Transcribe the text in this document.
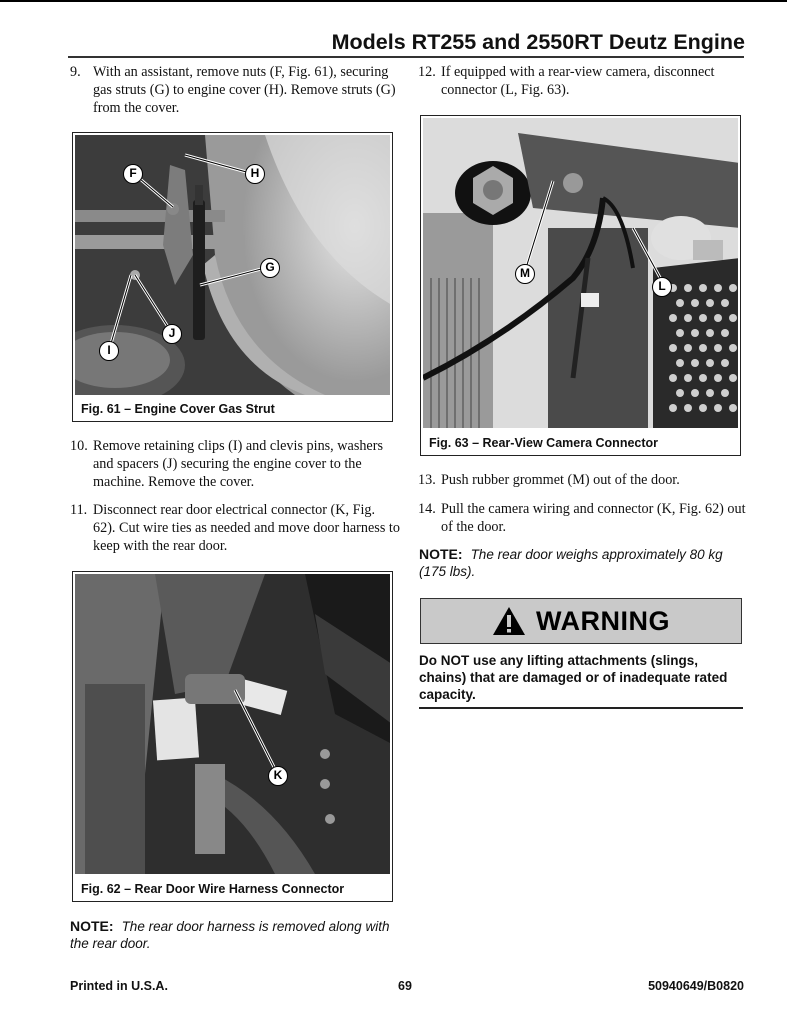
Models RT255 and 2550RT Deutz Engine
9. With an assistant, remove nuts (F, Fig. 61), securing gas struts (G) to engine cover (H). Remove struts (G) from the cover.
F	H
G
J
I
Fig. 61 – Engine Cover Gas Strut
10. Remove retaining clips (I) and clevis pins, washers and spacers (J) securing the engine cover to the machine. Remove the cover.
11. Disconnect rear door electrical connector (K, Fig. 62). Cut wire ties as needed and move door harness to keep with the rear door.
K
Fig. 62 – Rear Door Wire Harness Connector
NOTE: The rear door harness is removed along with the rear door.
12. If equipped with a rear-view camera, disconnect connector (L, Fig. 63).
M
L
Fig. 63 – Rear-View Camera Connector
13. Push rubber grommet (M) out of the door.
14. Pull the camera wiring and connector (K, Fig. 62) out of the door.
NOTE: The rear door weighs approximately 80 kg (175 lbs).
WARNING
Do NOT use any lifting attachments (slings, chains) that are damaged or of inadequate rated capacity.
Printed in U.S.A.	69	50940649/B0820
